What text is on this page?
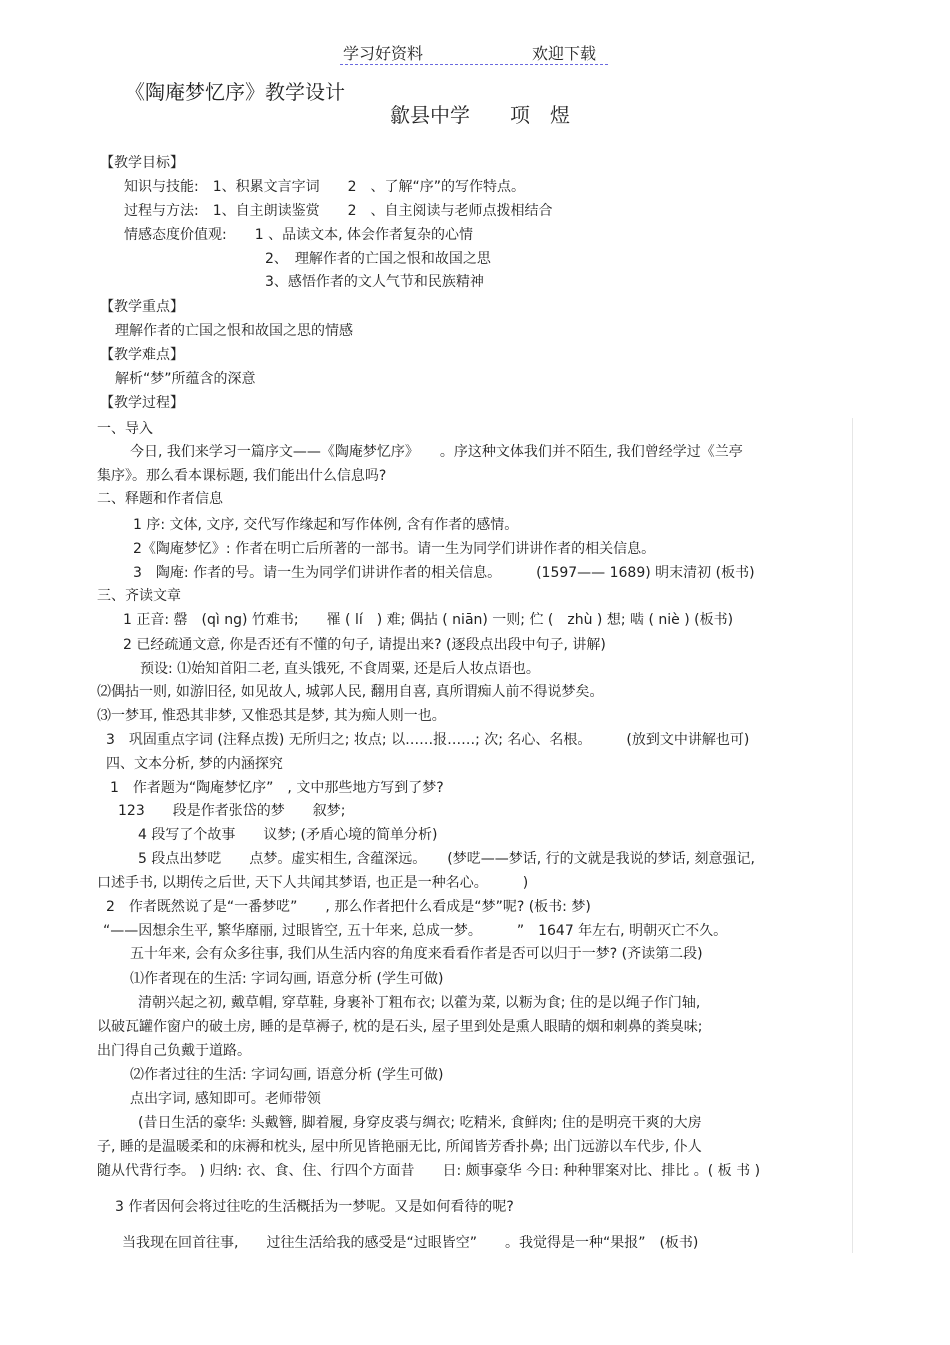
学习好资料	欢迎下载
《陶庵梦忆序》教学设计
歙县中学　　项　煜
【教学目标】
知识与技能:　1、积累文言字词　　2　、了解“序”的写作特点。
过程与方法:　1、自主朗读鉴赏　　2　、自主阅读与老师点拨相结合
情感态度价值观:　　1 、品读文本, 体会作者复杂的心情
2、　理解作者的亡国之恨和故国之思
3、感悟作者的文人气节和民族精神
【教学重点】
理解作者的亡国之恨和故国之思的情感
【教学难点】
解析“梦”所蕴含的深意
【教学过程】
一、导入
今日, 我们来学习一篇序文——《陶庵梦忆序》　　。序这种文体我们并不陌生, 我们曾经学过《兰亭
集序》。那么看本课标题, 我们能出什么信息吗?
二、释题和作者信息
1 序: 文体, 文序, 交代写作缘起和写作体例, 含有作者的感情。
2《陶庵梦忆》: 作者在明亡后所著的一部书。请一生为同学们讲讲作者的相关信息。
3　陶庵: 作者的号。请一生为同学们讲讲作者的相关信息。　　　(1597—— 1689) 明末清初 (板书)
三、齐读文章
1 正音: 罄　(qì ng) 竹难书;　　罹 ( lí　) 难; 偶拈 ( niān) 一则; 伫 (　zhù ) 想; 啮 ( niè ) (板书)
2 已经疏通文意, 你是否还有不懂的句子, 请提出来? (逐段点出段中句子, 讲解)
预设: ⑴始知首阳二老, 直头饿死, 不食周粟, 还是后人妆点语也。
⑵偶拈一则, 如游旧径, 如见故人, 城郭人民, 翻用自喜, 真所谓痴人前不得说梦矣。
⑶一梦耳, 惟恐其非梦, 又惟恐其是梦, 其为痴人则一也。
3　巩固重点字词 (注释点拨) 无所归之; 妆点; 以……报……; 次; 名心、名根。　　　(放到文中讲解也可)
四、文本分析, 梦的内涵探究
1　作者题为“陶庵梦忆序”　, 文中那些地方写到了梦?
123　　段是作者张岱的梦　　叙梦;
4 段写了个故事　　议梦; (矛盾心境的简单分析)
5 段点出梦呓　　点梦。虚实相生, 含蕴深远。　　(梦呓——梦话, 行的文就是我说的梦话, 刻意强记,
口述手书, 以期传之后世, 天下人共闻其梦语, 也正是一种名心。　　　)
2　作者既然说了是“一番梦呓”　　, 那么作者把什么看成是“梦”呢? (板书: 梦)
“——因想余生平, 繁华靡丽, 过眼皆空, 五十年来, 总成一梦。　　　”　1647 年左右, 明朝灭亡不久。
五十年来, 会有众多往事, 我们从生活内容的角度来看看作者是否可以归于一梦? (齐读第二段)
⑴作者现在的生活: 字词勾画, 语意分析 (学生可做)
清朝兴起之初, 戴草帽, 穿草鞋, 身裹补丁粗布衣; 以藿为菜, 以粝为食; 住的是以绳子作门轴,
以破瓦罐作窗户的破土房, 睡的是草褥子, 枕的是石头, 屋子里到处是熏人眼睛的烟和刺鼻的粪臭味;
出门得自己负戴于道路。
⑵作者过往的生活: 字词勾画, 语意分析 (学生可做)
点出字词, 感知即可。老师带领
(昔日生活的豪华: 头戴簪, 脚着履, 身穿皮裘与绸衣; 吃精米, 食鲜肉; 住的是明亮干爽的大房
子, 睡的是温暖柔和的床褥和枕头, 屋中所见皆艳丽无比, 所闻皆芳香扑鼻; 出门远游以车代步, 仆人
随从代背行李。 ) 归纳: 衣、食、住、行四个方面昔　　日: 颇事豪华 今日: 种种罪案对比、排比 。( 板 书 )
3 作者因何会将过往吃的生活概括为一梦呢。又是如何看待的呢?
当我现在回首往事,　　过往生活给我的感受是“过眼皆空”　　。我觉得是一种“果报”　(板书)
